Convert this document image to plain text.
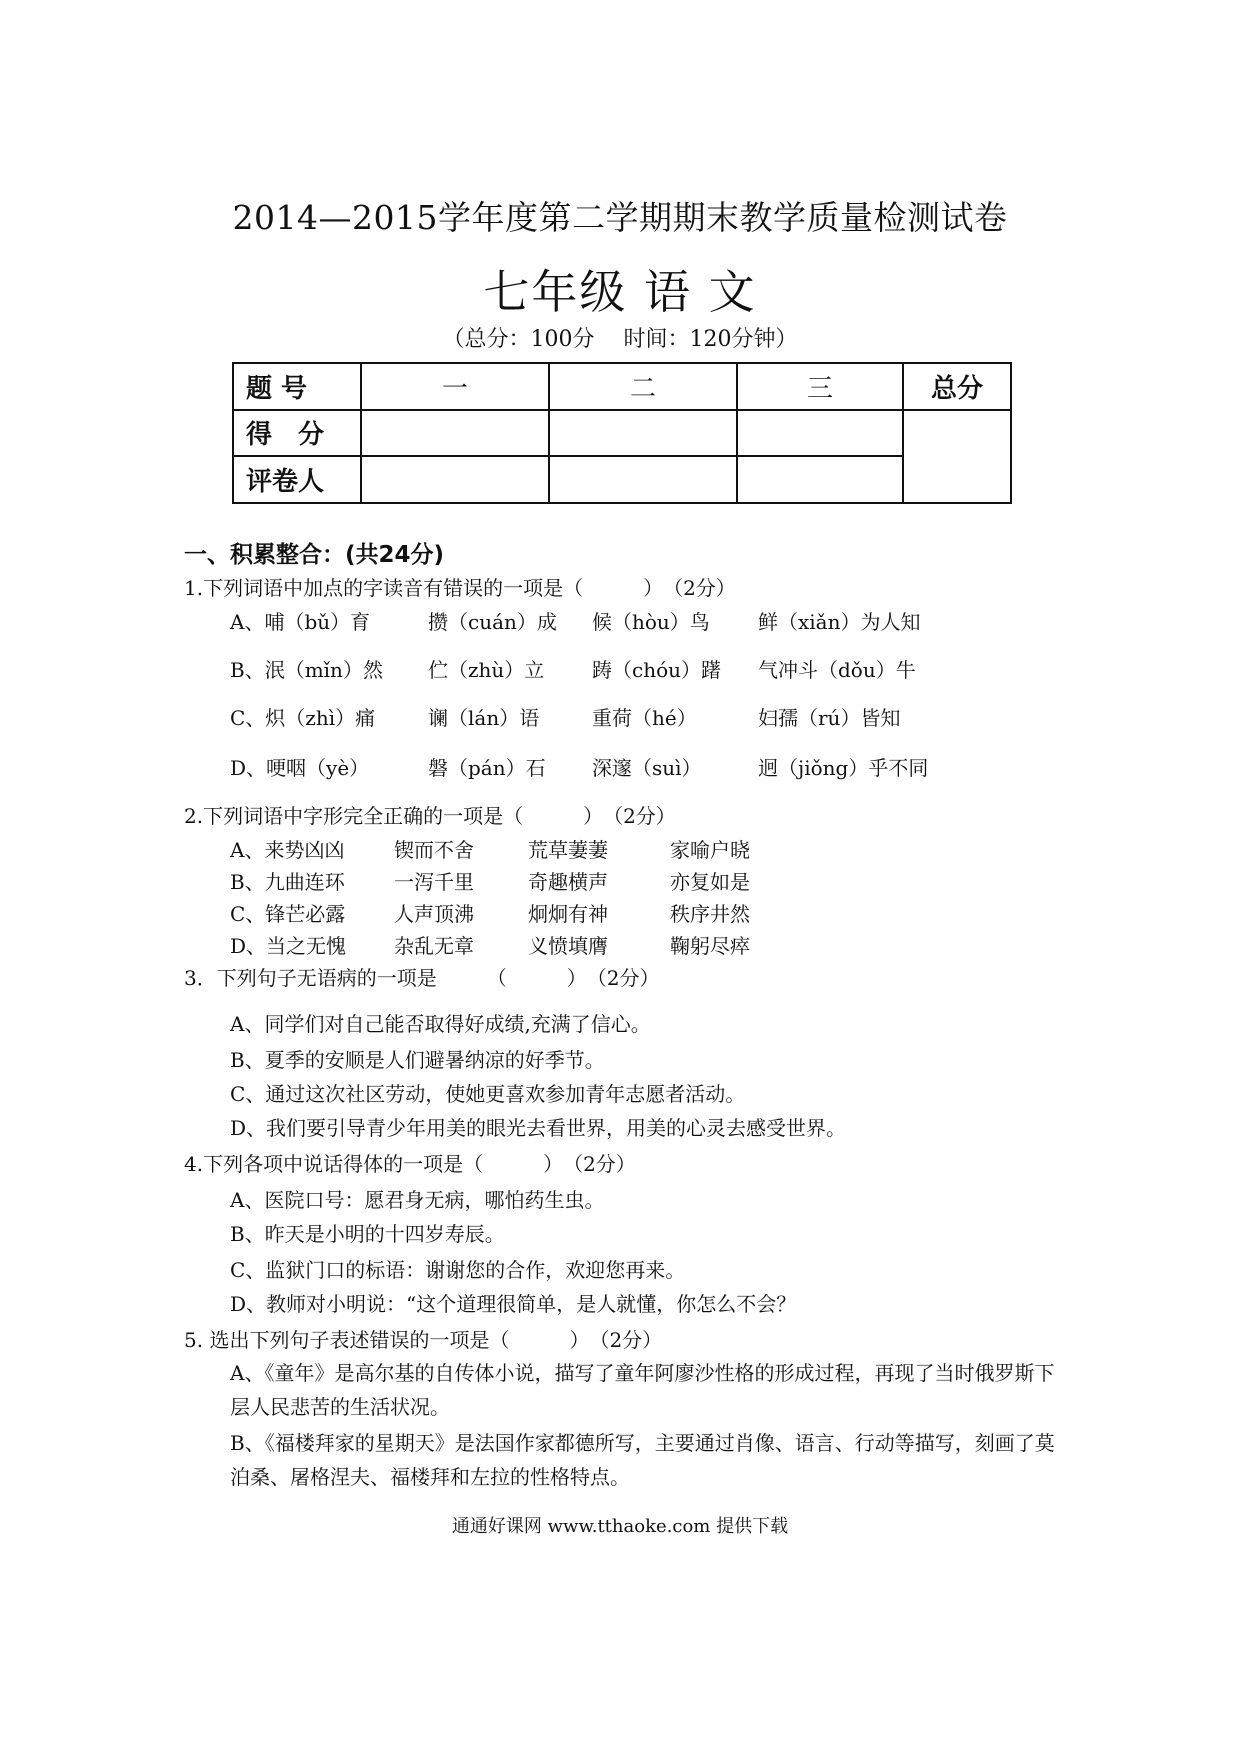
2014—2015学年度第二学期期末教学质量检测试卷
七年级 语 文
（总分：100分　 时间：120分钟）
题 号	一	二	三	总分
得　分				
评卷人				
一、积累整合：(共24分)
1.下列词语中加点的字读音有错误的一项是（　　　）　（2分）
A、哺（bǔ）育	攒（cuán）成 候（hòu）鸟 鲜（xiǎn）为人知
B、泯（mǐn）然 伫（zhù）立 踌（chóu）躇 气冲斗（dǒu）牛
C、炽（zhì）痛	谰（lán）语	重荷（hé）	妇孺（rú）皆知
D、哽咽（yè）	磐（pán）石 深邃（suì）	迥（jiǒng）乎不同
2.下列词语中字形完全正确的一项是（　　　）　（2分）
A、来势凶凶 锲而不舍	荒草萋萋	家喻户晓
B、九曲连环 一泻千里	奇趣横声	亦复如是
C、锋芒必露 人声顶沸	炯炯有神	秩序井然
D、当之无愧 杂乱无章	义愤填膺	鞠躬尽瘁
3．下列句子无语病的一项是　　　（　　　）　（2分）
A、同学们对自己能否取得好成绩,充满了信心。
B、夏季的安顺是人们避暑纳凉的好季节。
C、通过这次社区劳动，使她更喜欢参加青年志愿者活动。
D、我们要引导青少年用美的眼光去看世界，用美的心灵去感受世界。
4.下列各项中说话得体的一项是（　　　）　（2分）
A、医院口号：愿君身无病，哪怕药生虫。
B、昨天是小明的十四岁寿辰。
C、监狱门口的标语：谢谢您的合作，欢迎您再来。
D、教师对小明说：“这个道理很简单，是人就懂，你怎么不会？
5. 选出下列句子表述错误的一项是（　　　）　（2分）
A、《童年》是高尔基的自传体小说，描写了童年阿廖沙性格的形成过程，再现了当时俄罗斯下层人民悲苦的生活状况。
B、《福楼拜家的星期天》是法国作家都德所写，主要通过肖像、语言、行动等描写，刻画了莫泊桑、屠格涅夫、福楼拜和左拉的性格特点。
通通好课网 www.tthaoke.com 提供下载
